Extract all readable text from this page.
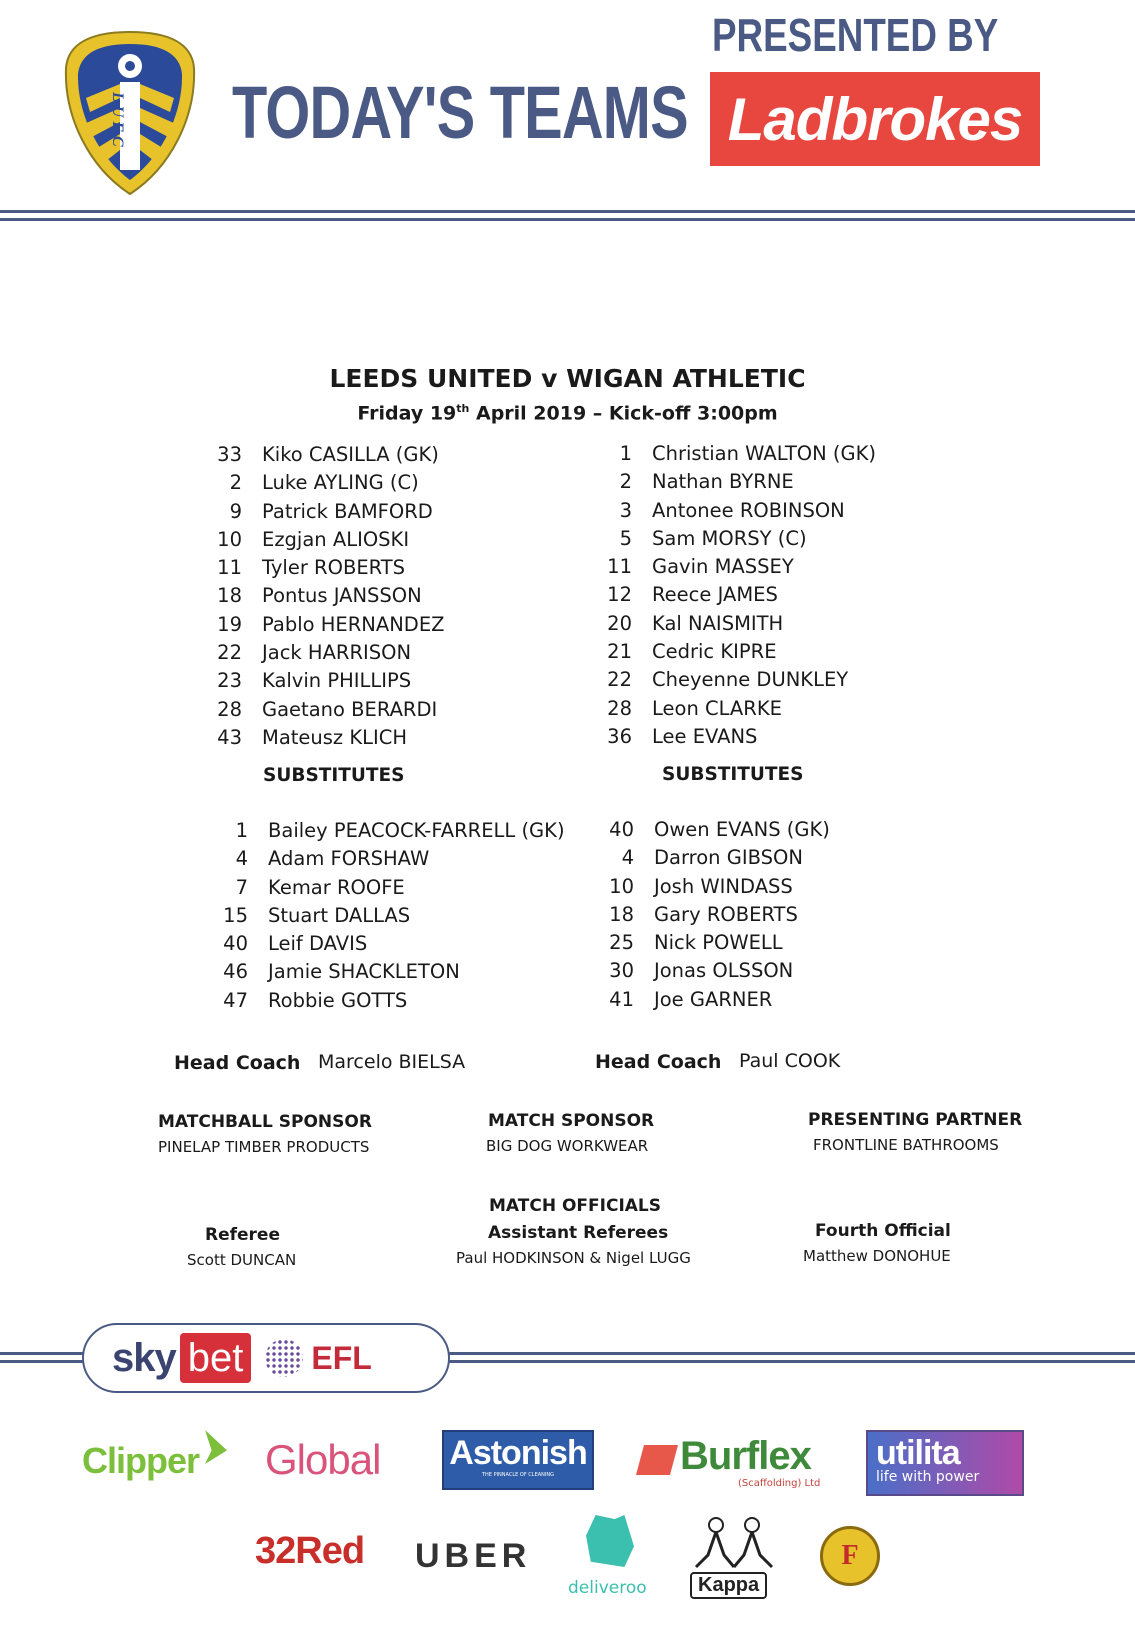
LUFC TODAY'S TEAMS
PRESENTED BY
Ladbrokes
LEEDS UNITED v WIGAN ATHLETIC
Friday 19th April 2019 – Kick-off 3:00pm
33	Kiko CASILLA (GK)
2	Luke AYLING (C)
9	Patrick BAMFORD
10	Ezgjan ALIOSKI
11	Tyler ROBERTS
18	Pontus JANSSON
19	Pablo HERNANDEZ
22	Jack HARRISON
23	Kalvin PHILLIPS
28	Gaetano BERARDI
43	Mateusz KLICH
1	Christian WALTON (GK)
2	Nathan BYRNE
3	Antonee ROBINSON
5	Sam MORSY (C)
11	Gavin MASSEY
12	Reece JAMES
20	Kal NAISMITH
21	Cedric KIPRE
22	Cheyenne DUNKLEY
28	Leon CLARKE
36	Lee EVANS
SUBSTITUTES	SUBSTITUTES
1	Bailey PEACOCK-FARRELL (GK)
4	Adam FORSHAW
7	Kemar ROOFE
15	Stuart DALLAS
40	Leif DAVIS
46	Jamie SHACKLETON
47	Robbie GOTTS
40	Owen EVANS (GK)
4	Darron GIBSON
10	Josh WINDASS
18	Gary ROBERTS
25	Nick POWELL
30	Jonas OLSSON
41	Joe GARNER
Head Coach Marcelo BIELSA	Head Coach Paul COOK
MATCHBALL SPONSOR
PINELAP TIMBER PRODUCTS
MATCH SPONSOR
BIG DOG WORKWEAR
PRESENTING PARTNER
FRONTLINE BATHROOMS
MATCH OFFICIALS
Referee
Scott DUNCAN
Assistant Referees
Paul HODKINSON & Nigel LUGG
Fourth Official
Matthew DONOHUE
sky bet EFL
Clipper Global Astonish
THE PINNACLE OF CLEANING	Burflex
(Scaffolding) Ltd
utilita
life with power
32Red UBER
deliveroo	Kappa
F
